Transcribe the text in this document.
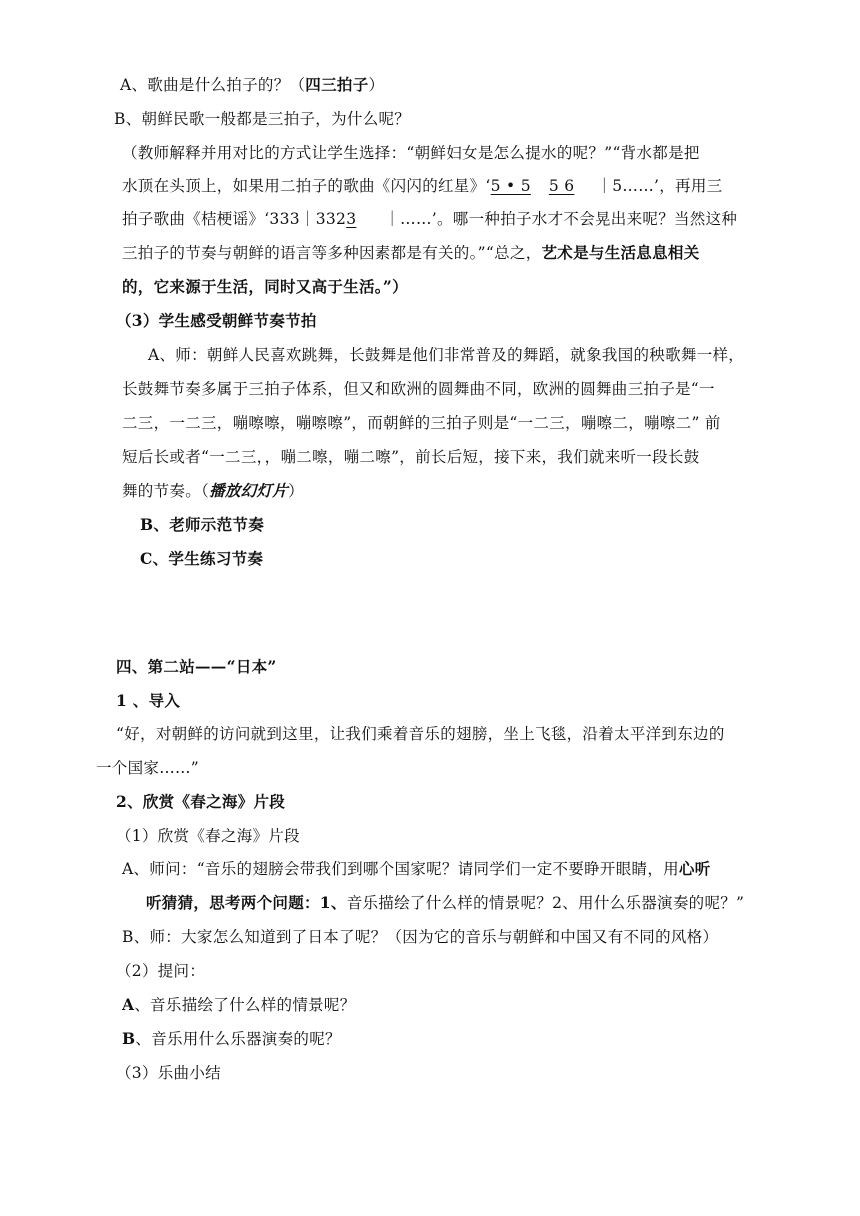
A、歌曲是什么拍子的？（四三拍子）
B、朝鲜民歌一般都是三拍子，为什么呢？
（教师解释并用对比的方式让学生选择：“朝鲜妇女是怎么提水的呢？”“背水都是把
水顶在头顶上，如果用二拍子的歌曲《闪闪的红星》‘5 • 5 5 6 ｜5……’，再用三
拍子歌曲《桔梗谣》‘333｜3323 ｜……’。哪一种拍子水才不会晃出来呢？当然这种
三拍子的节奏与朝鲜的语言等多种因素都是有关的。”“总之，艺术是与生活息息相关
的，它来源于生活，同时又高于生活。”）
（3）学生感受朝鲜节奏节拍
A、师：朝鲜人民喜欢跳舞，长鼓舞是他们非常普及的舞蹈，就象我国的秧歌舞一样，
长鼓舞节奏多属于三拍子体系，但又和欧洲的圆舞曲不同，欧洲的圆舞曲三拍子是“一
二三，一二三，嘣嚓嚓，嘣嚓嚓”，而朝鲜的三拍子则是“一二三，嘣嚓二，嘣嚓二” 前
短后长或者“一二三，，嘣二嚓，嘣二嚓”，前长后短，接下来，我们就来听一段长鼓
舞的节奏。（播放幻灯片）
B、老师示范节奏
C、学生练习节奏
四、第二站——“日本”
1 、导入
“好，对朝鲜的访问就到这里，让我们乘着音乐的翅膀，坐上飞毯，沿着太平洋到东边的
一个国家……”
2、欣赏《春之海》片段
（1）欣赏《春之海》片段
A、师问：“音乐的翅膀会带我们到哪个国家呢？请同学们一定不要睁开眼睛，用心听
听猜猜，思考两个问题：1、音乐描绘了什么样的情景呢？2、用什么乐器演奏的呢？”
B、师：大家怎么知道到了日本了呢？（因为它的音乐与朝鲜和中国又有不同的风格）
（2）提问：
A、音乐描绘了什么样的情景呢？
B、音乐用什么乐器演奏的呢？
（3）乐曲小结
